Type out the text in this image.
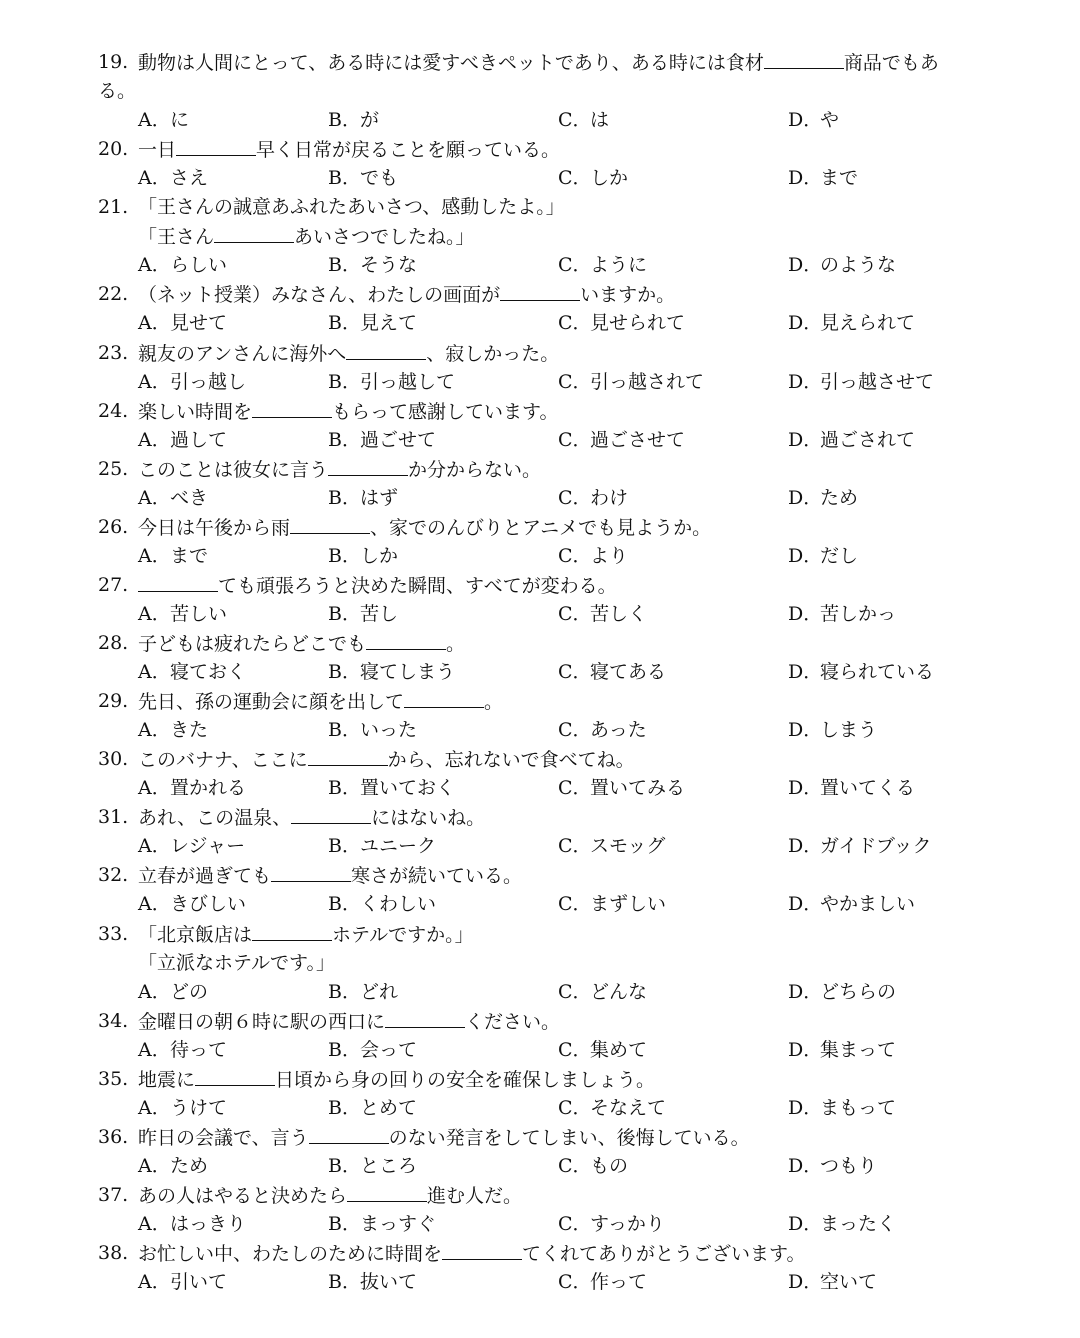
19. 動物は人間にとって、ある時には愛すべきペットであり、ある時には食材	商品でもあ
る。
A．に	B．が	C．は	D．や
20. 一日	早く日常が戻ることを願っている。
A．さえ	B．でも	C．しか	D．まで
21. 「王さんの誠意あふれたあいさつ、感動したよ。」
「王さん	あいさつでしたね。」
A．らしい	B．そうな	C．ように	D．のような
22. （ネット授業）みなさん、わたしの画面が	いますか。
A．見せて	B．見えて	C．見せられて	D．見えられて
23. 親友のアンさんに海外へ	、寂しかった。
A．引っ越し	B．引っ越して	C．引っ越されて	D．引っ越させて
24. 楽しい時間を	もらって感謝しています。
A．過して	B．過ごせて	C．過ごさせて	D．過ごされて
25. このことは彼女に言う	か分からない。
A．べき	B．はず	C．わけ	D．ため
26. 今日は午後から雨	、家でのんびりとアニメでも見ようか。
A．まで	B．しか	C．より	D．だし
27.	ても頑張ろうと決めた瞬間、すべてが変わる。
A．苦しい	B．苦し	C．苦しく	D．苦しかっ
28. 子どもは疲れたらどこでも	。
A．寝ておく	B．寝てしまう	C．寝てある	D．寝られている
29. 先日、孫の運動会に顔を出して	。
A．きた	B．いった	C．あった	D．しまう
30. このバナナ、ここに	から、忘れないで食べてね。
A．置かれる	B．置いておく	C．置いてみる	D．置いてくる
31. あれ、この温泉、	にはないね。
A．レジャー	B．ユニーク	C．スモッグ	D．ガイドブック
32. 立春が過ぎても	寒さが続いている。
A．きびしい	B．くわしい	C．まずしい	D．やかましい
33. 「北京飯店は	ホテルですか。」
「立派なホテルです。」
A．どの	B．どれ	C．どんな	D．どちらの
34. 金曜日の朝６時に駅の西口に	ください。
A．待って	B．会って	C．集めて	D．集まって
35. 地震に	日頃から身の回りの安全を確保しましょう。
A．うけて	B．とめて	C．そなえて	D．まもって
36. 昨日の会議で、言う	のない発言をしてしまい、後悔している。
A．ため	B．ところ	C．もの	D．つもり
37. あの人はやると決めたら	進む人だ。
A．はっきり	B．まっすぐ	C．すっかり	D．まったく
38. お忙しい中、わたしのために時間を	てくれてありがとうございます。
A．引いて	B．抜いて	C．作って	D．空いて
